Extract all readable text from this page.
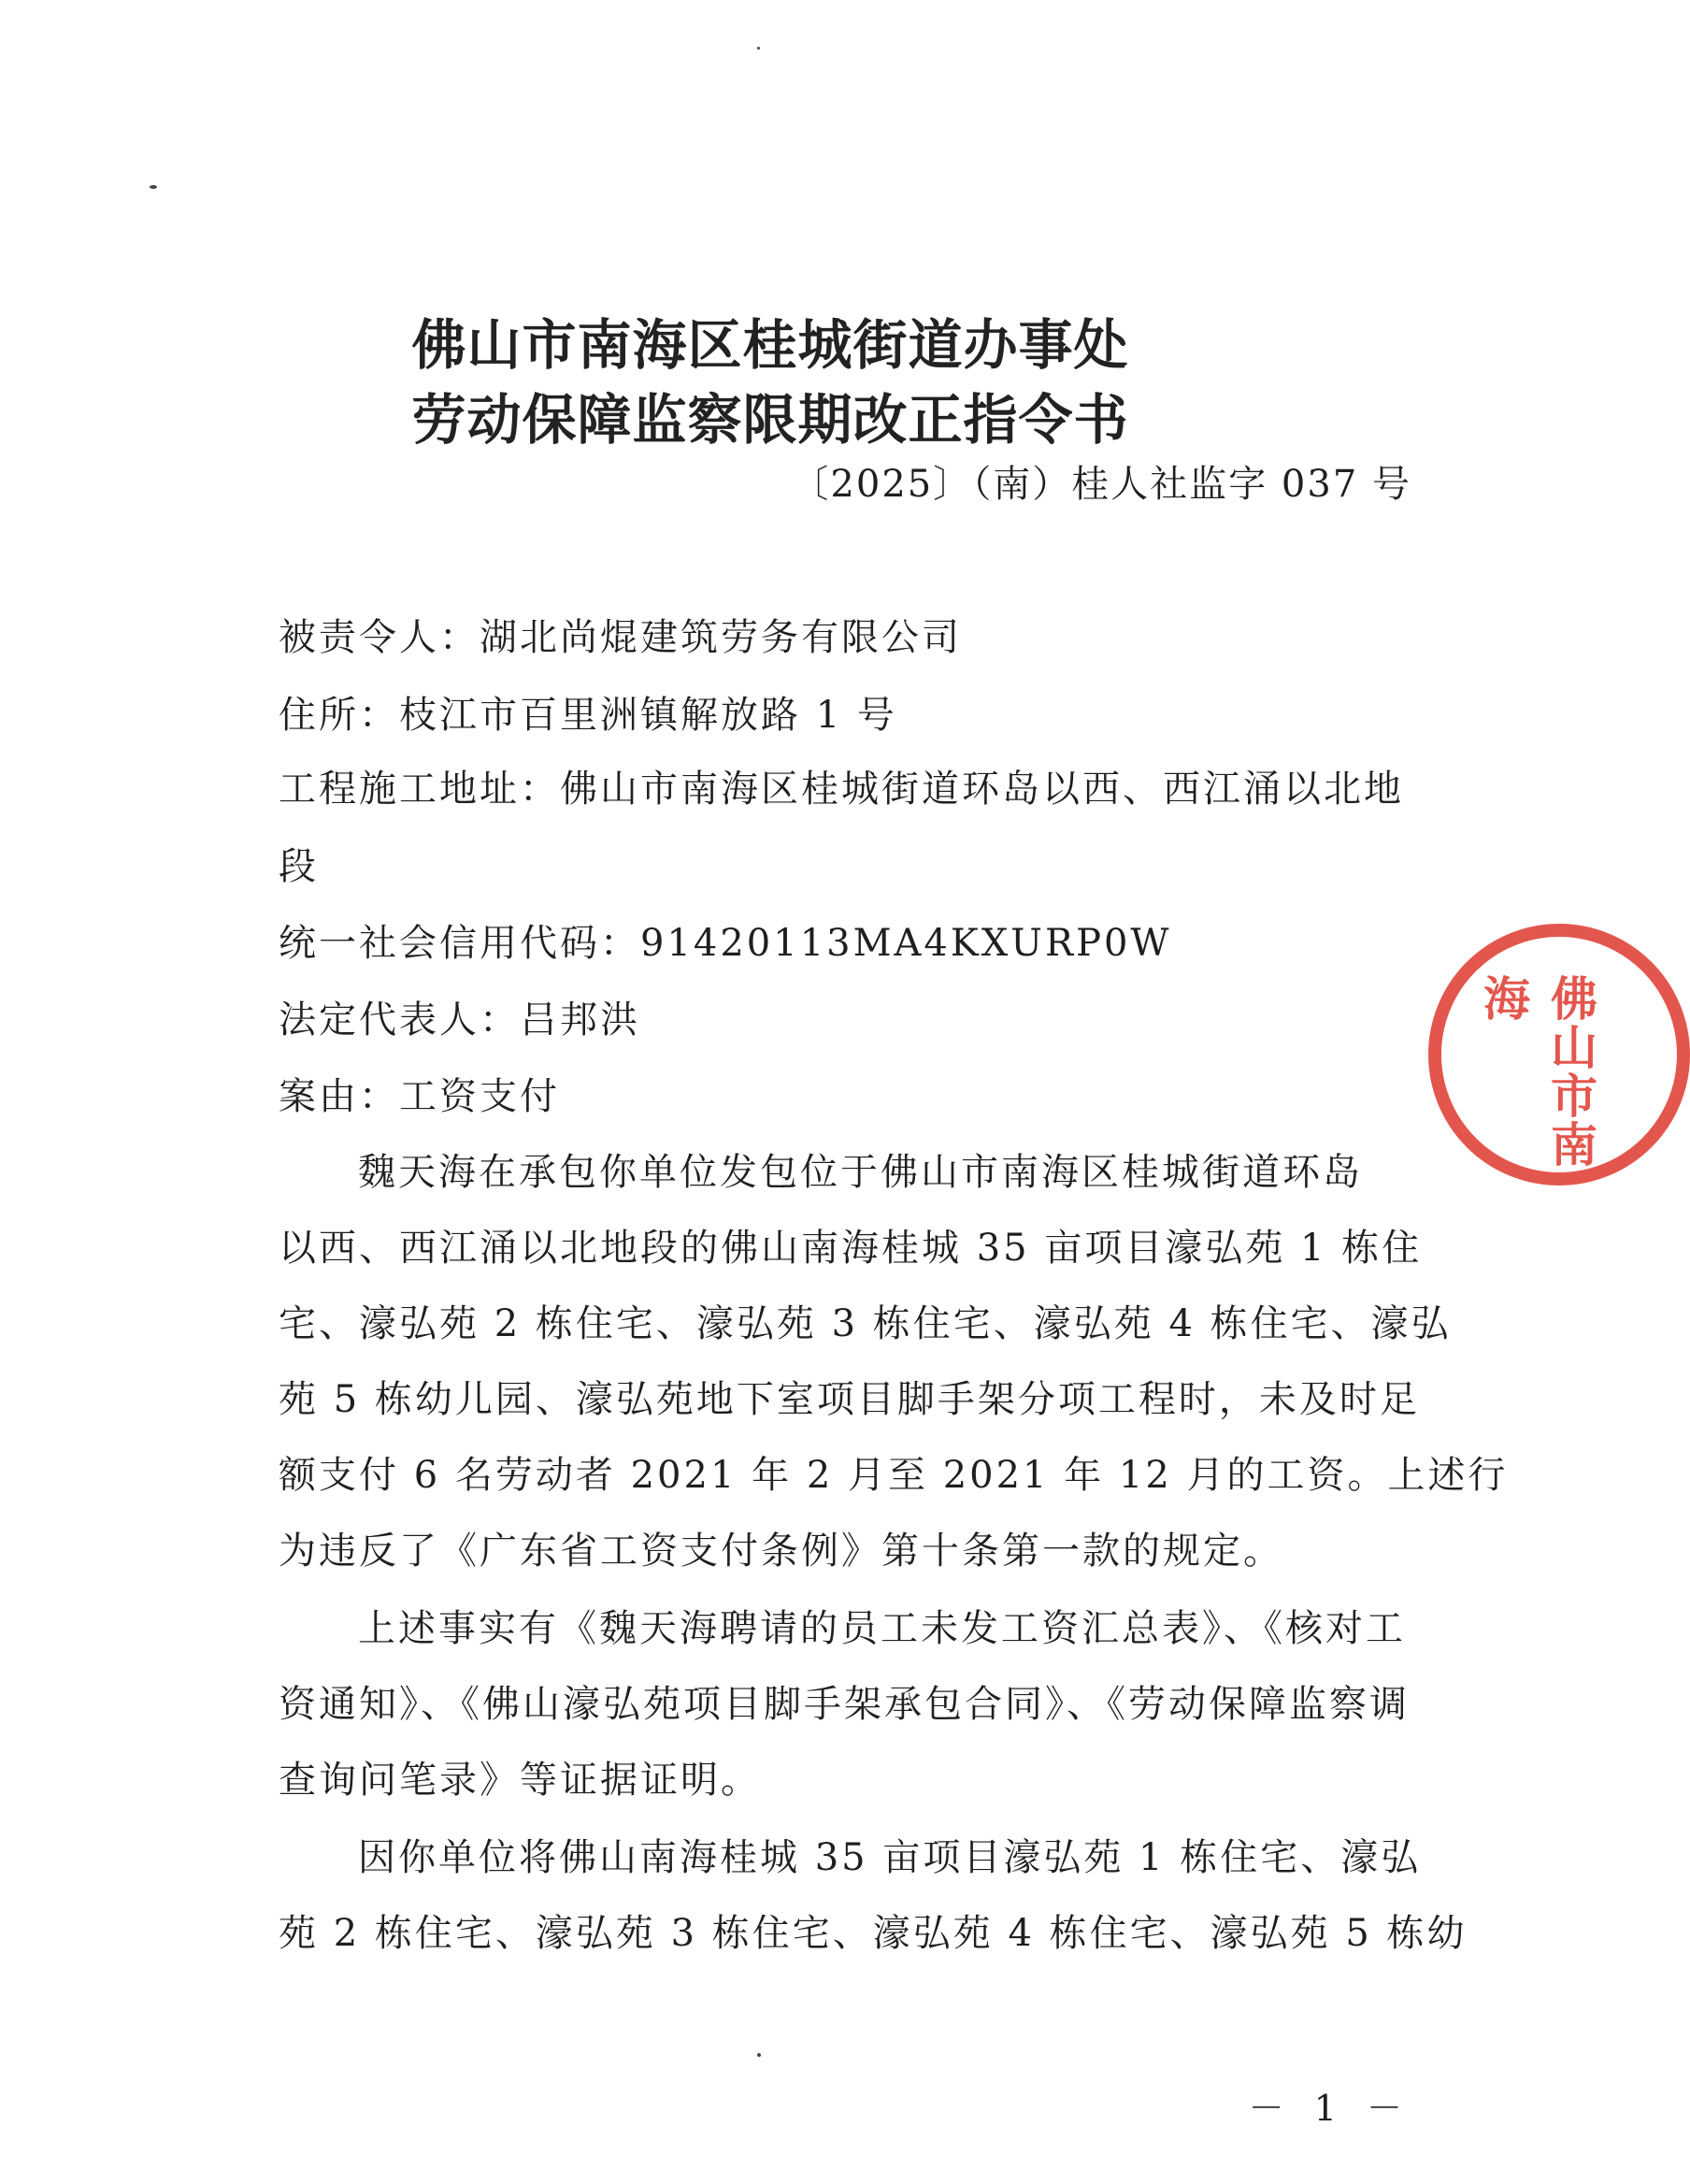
佛山市南海区桂城街道办事处
劳动保障监察限期改正指令书
〔2025〕（南）桂人社监字 037 号

被责令人：湖北尚焜建筑劳务有限公司

住所：枝江市百里洲镇解放路 1 号

工程施工地址：佛山市南海区桂城街道环岛以西、西江涌以北地

段

统一社会信用代码：91420113MA4KXURP0W

法定代表人：吕邦洪

案由：工资支付

魏天海在承包你单位发包位于佛山市南海区桂城街道环岛

以西、西江涌以北地段的佛山南海桂城 35 亩项目濠弘苑 1 栋住

宅、濠弘苑 2 栋住宅、濠弘苑 3 栋住宅、濠弘苑 4 栋住宅、濠弘

苑 5 栋幼儿园、濠弘苑地下室项目脚手架分项工程时，未及时足

额支付 6 名劳动者 2021 年 2 月至 2021 年 12 月的工资。上述行

为违反了《广东省工资支付条例》第十条第一款的规定。

上述事实有《魏天海聘请的员工未发工资汇总表》、《核对工

资通知》、《佛山濠弘苑项目脚手架承包合同》、《劳动保障监察调

查询问笔录》等证据证明。

因你单位将佛山南海桂城 35 亩项目濠弘苑 1 栋住宅、濠弘

苑 2 栋住宅、濠弘苑 3 栋住宅、濠弘苑 4 栋住宅、濠弘苑 5 栋幼

佛山市南海
－ 1 －
